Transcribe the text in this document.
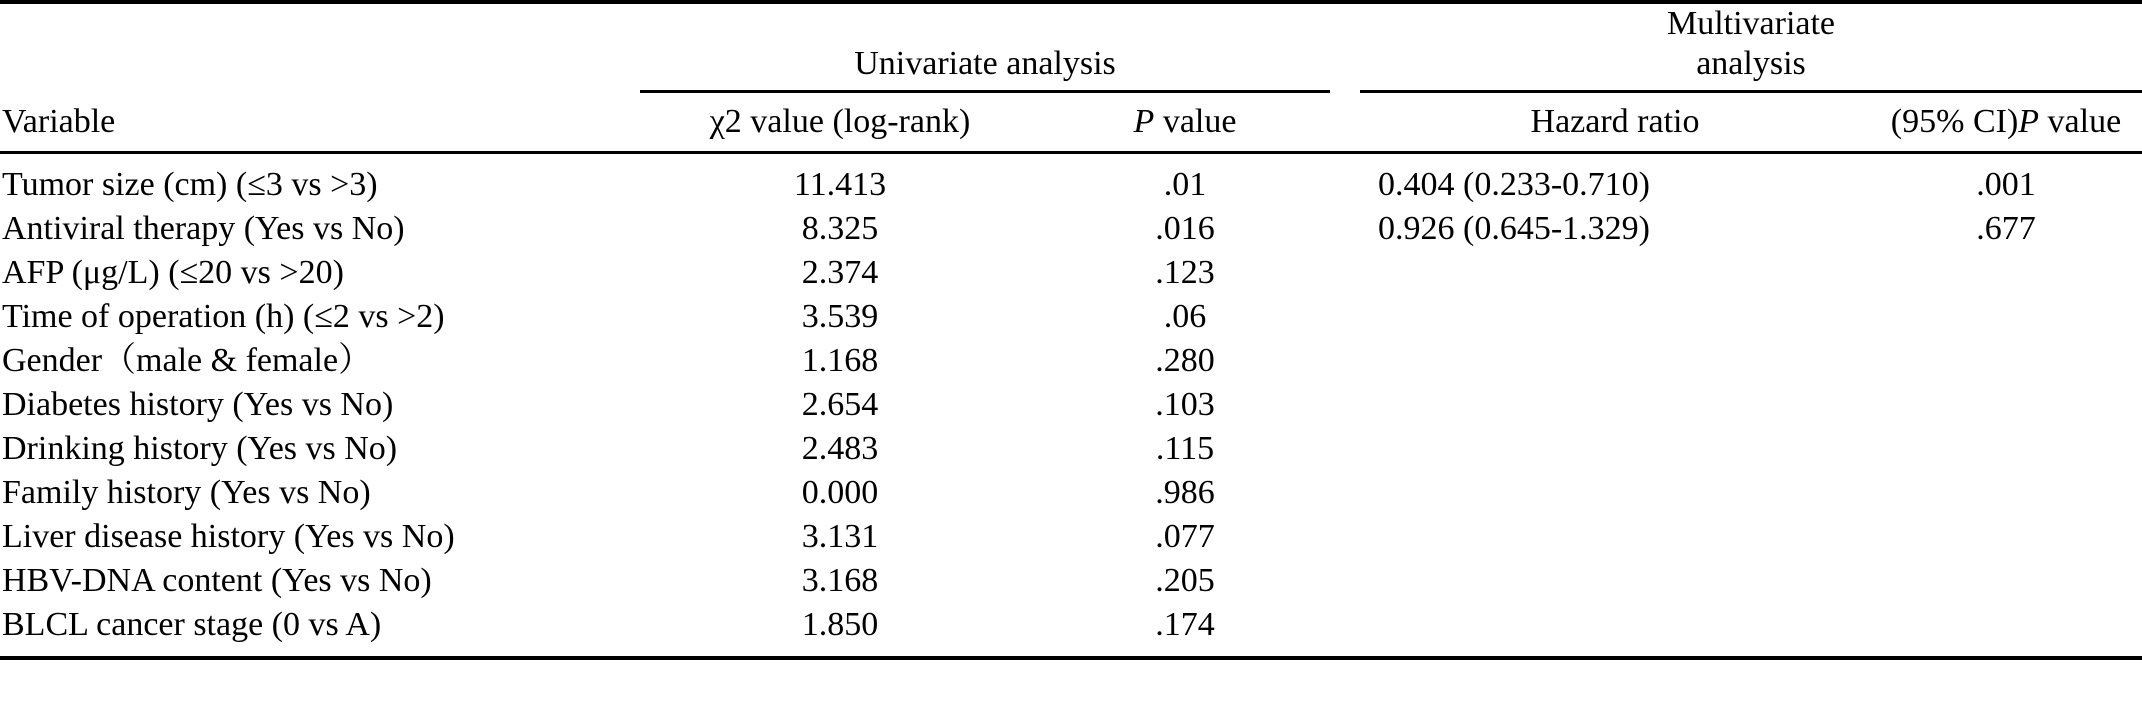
	Univariate analysis			Multivariate
analysis	
Variable	χ2 value (log-rank)	P value		Hazard ratio	(95% CI)P value
Tumor size (cm) (≤3 vs >3)	11.413	.01		0.404 (0.233-0.710)	.001
Antiviral therapy (Yes vs No)	8.325	.016		0.926 (0.645-1.329)	.677
AFP (μg/L) (≤20 vs >20)	2.374	.123			
Time of operation (h) (≤2 vs >2)	3.539	.06			
Gender（male & female）	1.168	.280			
Diabetes history (Yes vs No)	2.654	.103			
Drinking history (Yes vs No)	2.483	.115			
Family history (Yes vs No)	0.000	.986			
Liver disease history (Yes vs No)	3.131	.077			
HBV-DNA content (Yes vs No)	3.168	.205			
BLCL cancer stage (0 vs A)	1.850	.174			
